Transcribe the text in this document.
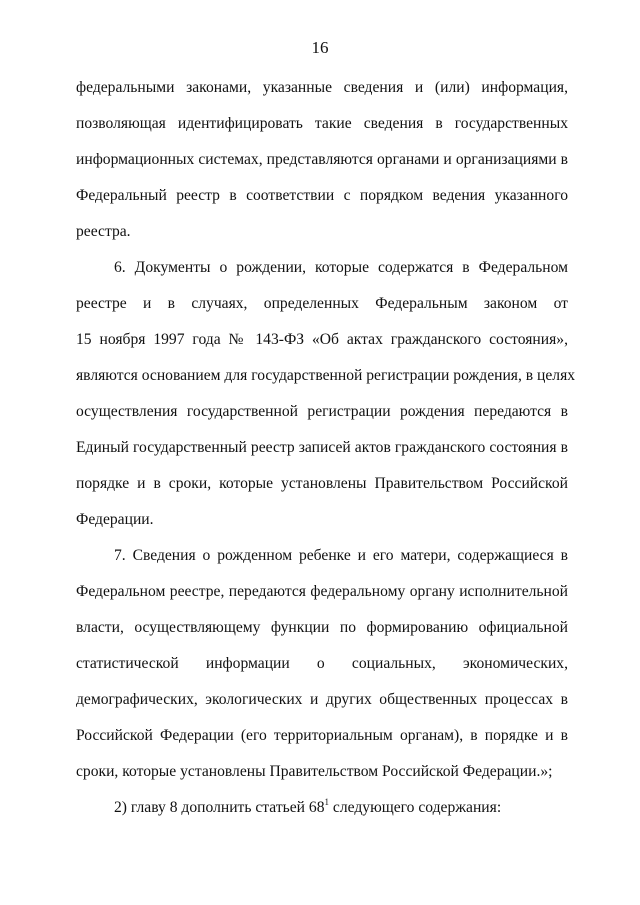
16
федеральными законами, указанные сведения и (или) информация,
позволяющая идентифицировать такие сведения в государственных
информационных системах, представляются органами и организациями в
Федеральный реестр в соответствии с порядком ведения указанного
реестра.
6. Документы о рождении, которые содержатся в Федеральном
реестре и в случаях, определенных Федеральным законом от
15 ноября 1997 года № 143-ФЗ «Об актах гражданского состояния»,
являются основанием для государственной регистрации рождения, в целях
осуществления государственной регистрации рождения передаются в
Единый государственный реестр записей актов гражданского состояния в
порядке и в сроки, которые установлены Правительством Российской
Федерации.
7. Сведения о рожденном ребенке и его матери, содержащиеся в
Федеральном реестре, передаются федеральному органу исполнительной
власти, осуществляющему функции по формированию официальной
статистической информации о социальных, экономических,
демографических, экологических и других общественных процессах в
Российской Федерации (его территориальным органам), в порядке и в
сроки, которые установлены Правительством Российской Федерации.»;
2) главу 8 дополнить статьей $68^1$ следующего содержания:
